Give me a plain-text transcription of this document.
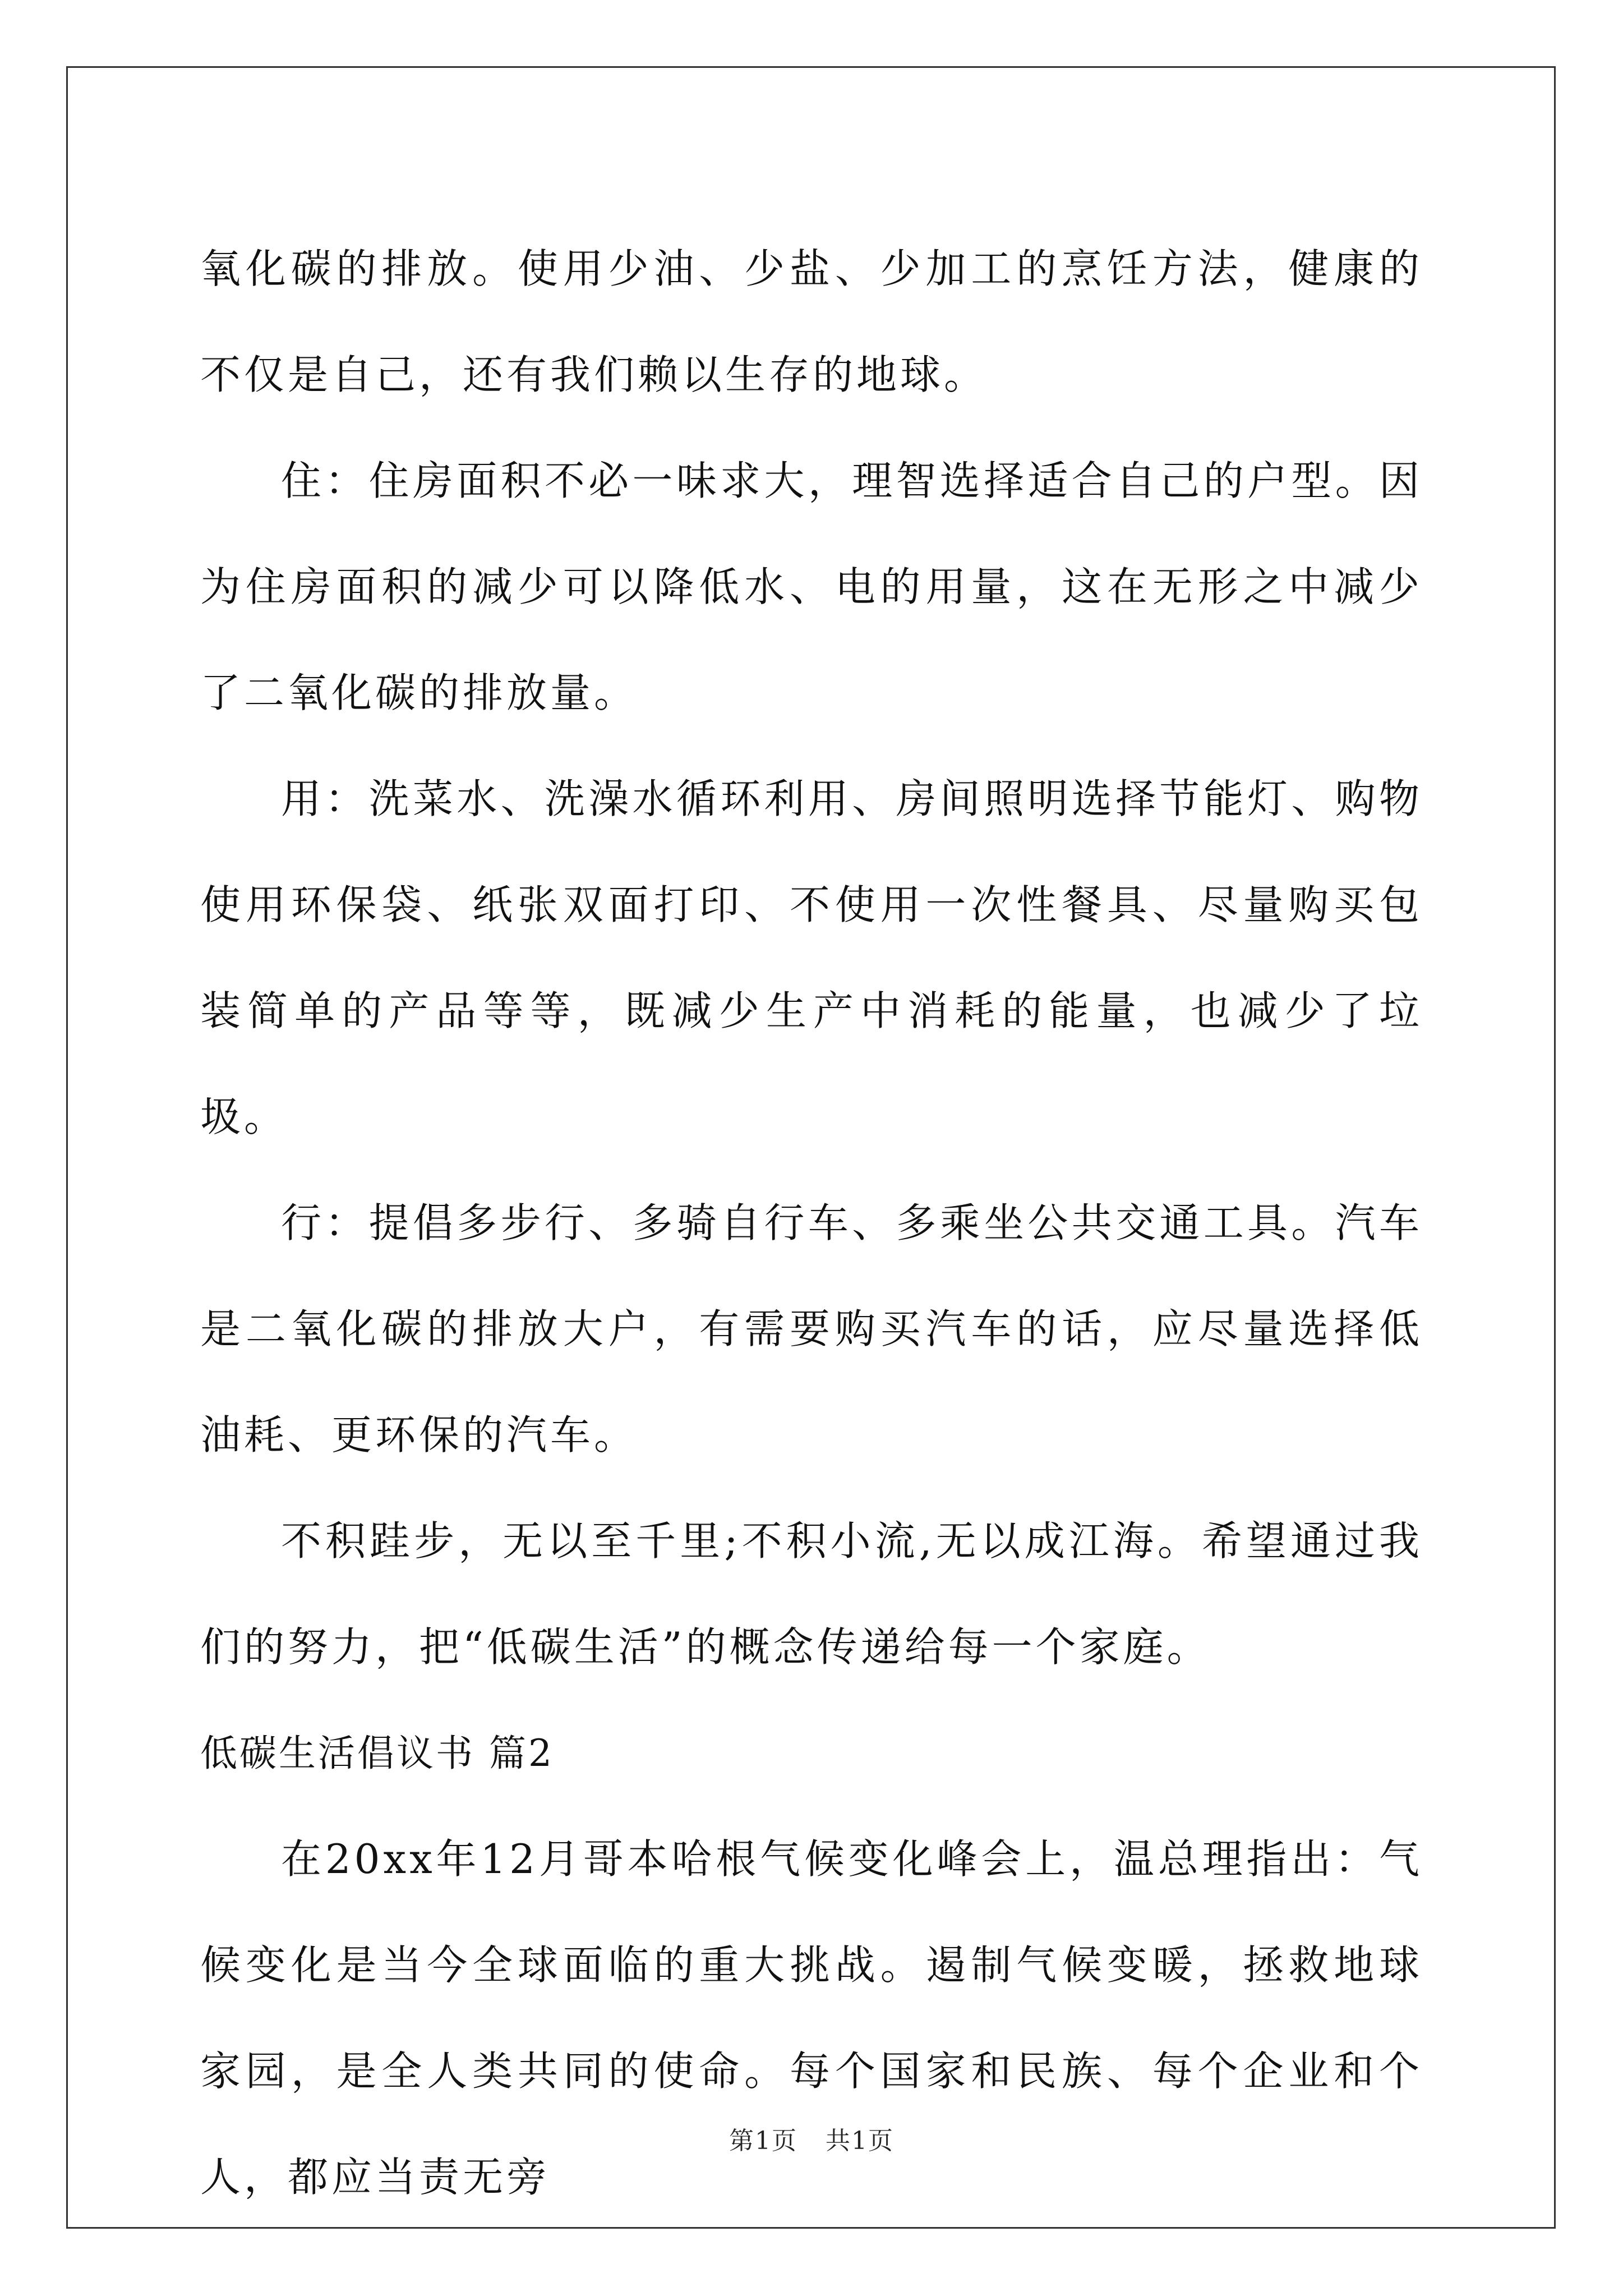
氧化碳的排放。使用少油、少盐、少加工的烹饪方法，健康的不仅是自己，还有我们赖以生存的地球。

住：住房面积不必一味求大，理智选择适合自己的户型。因为住房面积的减少可以降低水、电的用量，这在无形之中减少了二氧化碳的排放量。

用：洗菜水、洗澡水循环利用、房间照明选择节能灯、购物使用环保袋、纸张双面打印、不使用一次性餐具、尽量购买包装简单的产品等等，既减少生产中消耗的能量，也减少了垃圾。

行：提倡多步行、多骑自行车、多乘坐公共交通工具。汽车是二氧化碳的排放大户，有需要购买汽车的话，应尽量选择低油耗、更环保的汽车。

不积跬步，无以至千里;不积小流,无以成江海。希望通过我们的努力，把“低碳生活”的概念传递给每一个家庭。

低碳生活倡议书 篇2

在20xx年12月哥本哈根气候变化峰会上，温总理指出：气候变化是当今全球面临的重大挑战。遏制气候变暖，拯救地球家园，是全人类共同的使命。每个国家和民族、每个企业和个人，都应当责无旁

第1页 共1页
